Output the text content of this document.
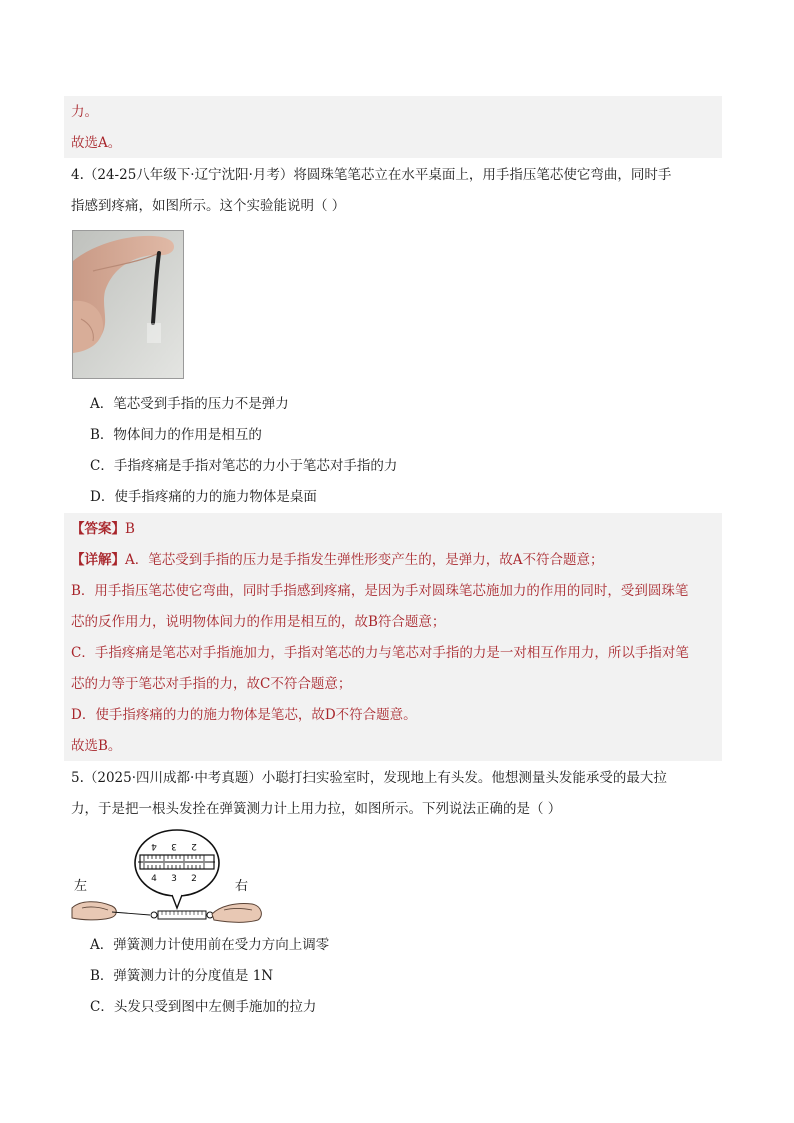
力。
故选A。
4.（24-25八年级下·辽宁沈阳·月考）将圆珠笔笔芯立在水平桌面上，用手指压笔芯使它弯曲，同时手
指感到疼痛，如图所示。这个实验能说明（ ）
A．笔芯受到手指的压力不是弹力
B．物体间力的作用是相互的
C．手指疼痛是手指对笔芯的力小于笔芯对手指的力
D．使手指疼痛的力的施力物体是桌面
【答案】B
【详解】A．笔芯受到手指的压力是手指发生弹性形变产生的，是弹力，故A不符合题意；
B．用手指压笔芯使它弯曲，同时手指感到疼痛，是因为手对圆珠笔芯施加力的作用的同时，受到圆珠笔
芯的反作用力，说明物体间力的作用是相互的，故B符合题意；
C．手指疼痛是笔芯对手指施加力，手指对笔芯的力与笔芯对手指的力是一对相互作用力，所以手指对笔
芯的力等于笔芯对手指的力，故C不符合题意；
D．使手指疼痛的力的施力物体是笔芯，故D不符合题意。
故选B。
5.（2025·四川成都·中考真题）小聪打扫实验室时，发现地上有头发。他想测量头发能承受的最大拉
力，于是把一根头发拴在弹簧测力计上用力拉，如图所示。下列说法正确的是（ ）
4 3 2
4 3 2
左	右
A．弹簧测力计使用前在受力方向上调零
B．弹簧测力计的分度值是 1N
C．头发只受到图中左侧手施加的拉力
